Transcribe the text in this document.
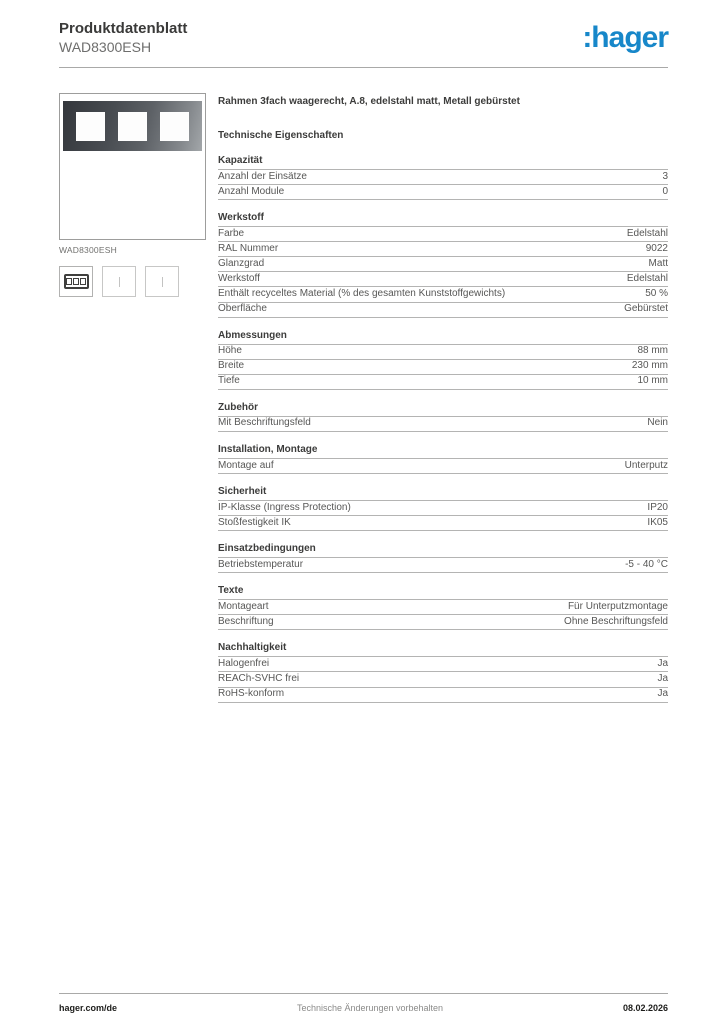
Produktdatenblatt
WAD8300ESH	:hager
WAD8300ESH
Rahmen 3fach waagerecht, A.8, edelstahl matt, Metall gebürstet
Technische Eigenschaften
Kapazität
Anzahl der Einsätze	3
Anzahl Module	0
Werkstoff
Farbe	Edelstahl
RAL Nummer	9022
Glanzgrad	Matt
Werkstoff	Edelstahl
Enthält recyceltes Material (% des gesamten Kunststoffgewichts)	50 %
Oberfläche	Gebürstet
Abmessungen
Höhe	88 mm
Breite	230 mm
Tiefe	10 mm
Zubehör
Mit Beschriftungsfeld	Nein
Installation, Montage
Montage auf	Unterputz
Sicherheit
IP-Klasse (Ingress Protection)	IP20
Stoßfestigkeit IK	IK05
Einsatzbedingungen
Betriebstemperatur	-5 - 40 °C
Texte
Montageart	Für Unterputzmontage
Beschriftung	Ohne Beschriftungsfeld
Nachhaltigkeit
Halogenfrei	Ja
REACh-SVHC frei	Ja
RoHS-konform	Ja
hager.com/de	Technische Änderungen vorbehalten	08.02.2026
